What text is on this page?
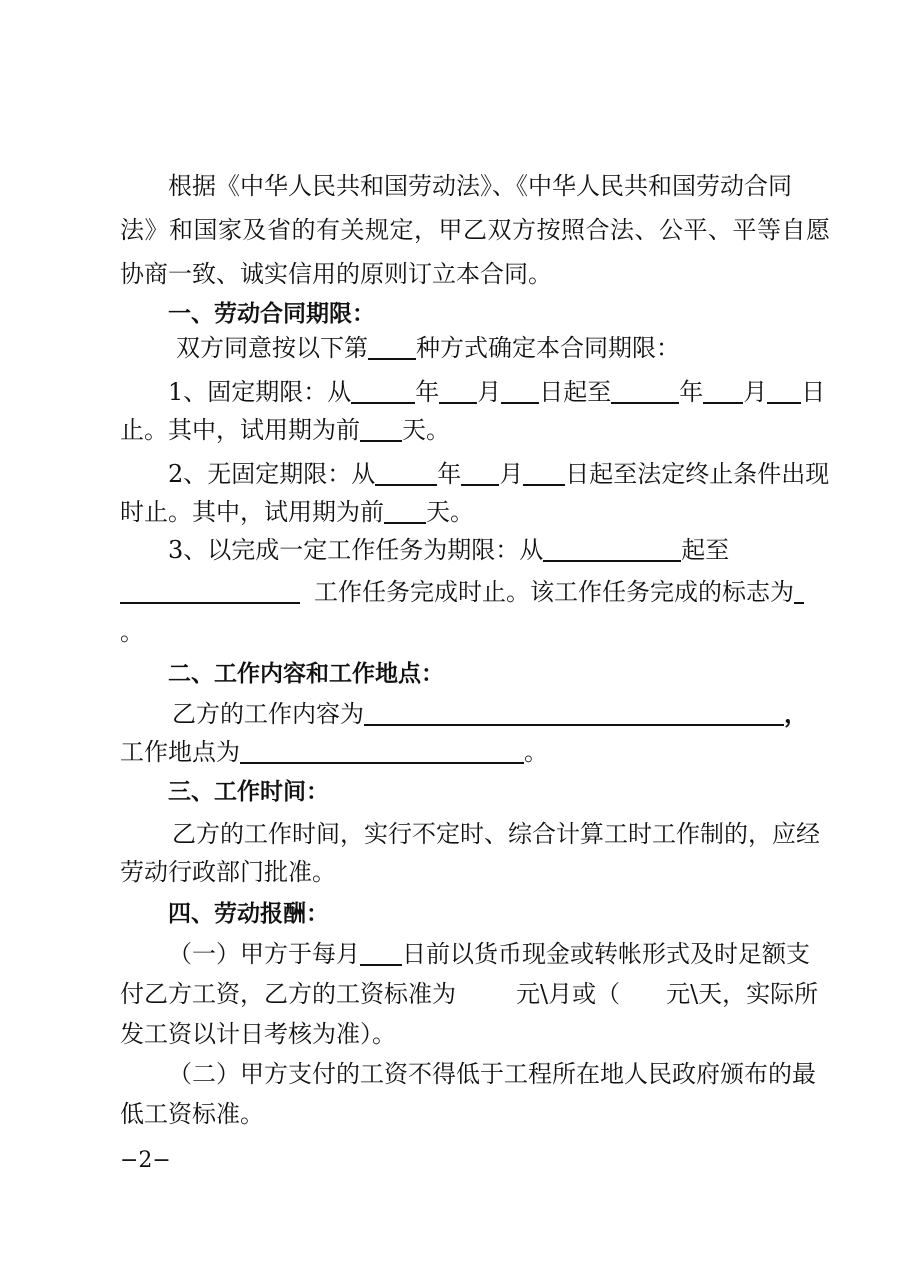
根据《中华人民共和国劳动法》、《中华人民共和国劳动合同
法》和国家及省的有关规定，甲乙双方按照合法、公平、平等自愿
协商一致、诚实信用的原则订立本合同。
一、劳动合同期限：
双方同意按以下第 种方式确定本合同期限：
1、固定期限：从	年 月 日起至	年 月 日
止。其中，试用期为前 天。
2、无固定期限：从	年 月 日起至法定终止条件出现
时止。其中，试用期为前 天。
3、以完成一定工作任务为期限：从	起至
工作任务完成时止。该工作任务完成的标志为
。
二、工作内容和工作地点：
乙方的工作内容为	，
工作地点为	。
三、工作时间：
乙方的工作时间，实行不定时、综合计算工时工作制的，应经
劳动行政部门批准。
四、劳动报酬：
（一）甲方于每月 日前以货币现金或转帐形式及时足额支
付乙方工资，乙方的工资标准为	元\月或（ 元\天，实际所
发工资以计日考核为准）。
（二）甲方支付的工资不得低于工程所在地人民政府颁布的最
低工资标准。
−2−
